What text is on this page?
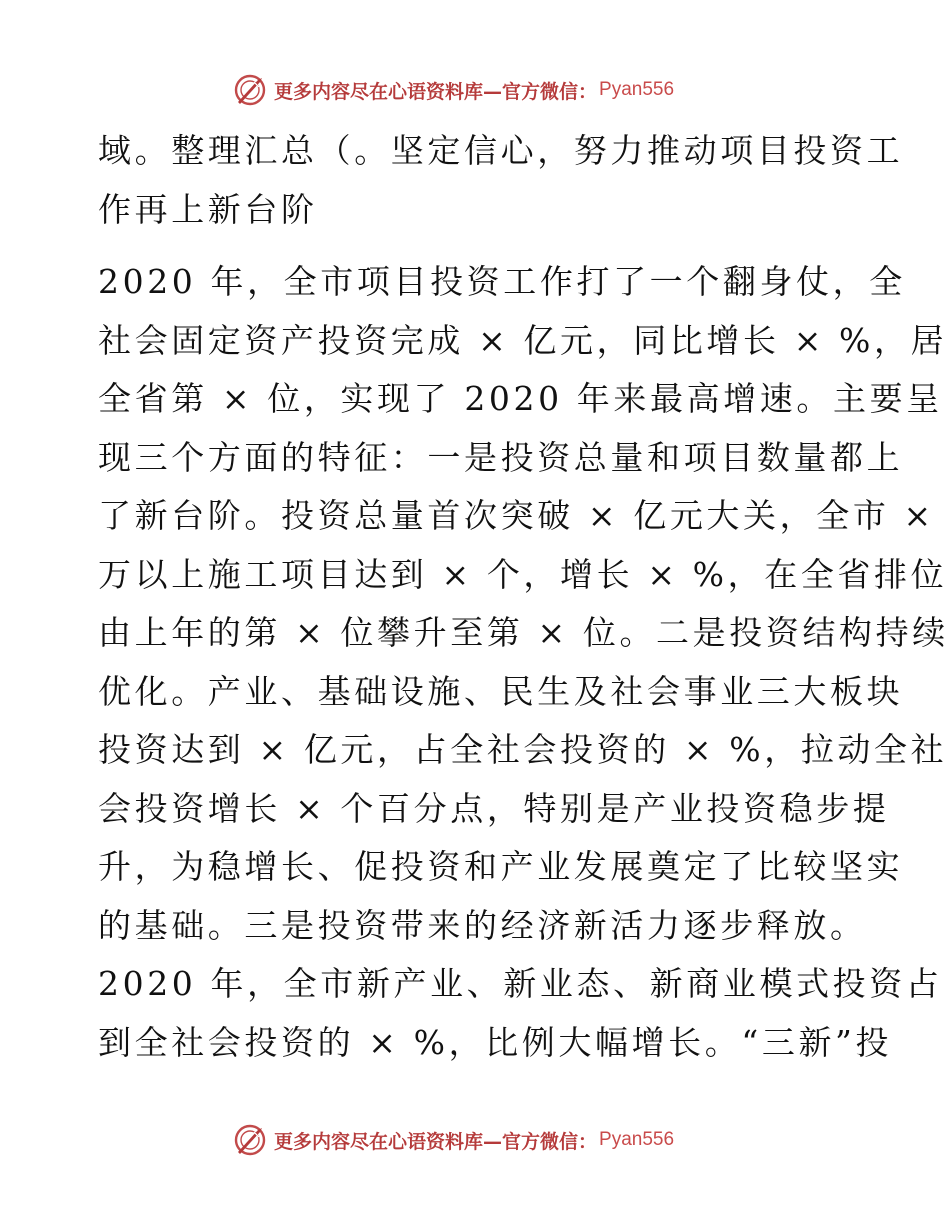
更多内容尽在心语资料库—官方微信： Pyan556
域。整理汇总（。坚定信心，努力推动项目投资工
作再上新台阶
2020 年，全市项目投资工作打了一个翻身仗，全
社会固定资产投资完成 × 亿元，同比增长 × %，居
全省第 × 位，实现了 2020 年来最高增速。主要呈
现三个方面的特征：一是投资总量和项目数量都上
了新台阶。投资总量首次突破 × 亿元大关，全市 ×
万以上施工项目达到 × 个，增长 × %，在全省排位
由上年的第 × 位攀升至第 × 位。二是投资结构持续
优化。产业、基础设施、民生及社会事业三大板块
投资达到 × 亿元，占全社会投资的 × %，拉动全社
会投资增长 × 个百分点，特别是产业投资稳步提
升，为稳增长、促投资和产业发展奠定了比较坚实
的基础。三是投资带来的经济新活力逐步释放。
2020 年，全市新产业、新业态、新商业模式投资占
到全社会投资的 × %，比例大幅增长。“三新”投
更多内容尽在心语资料库—官方微信： Pyan556
